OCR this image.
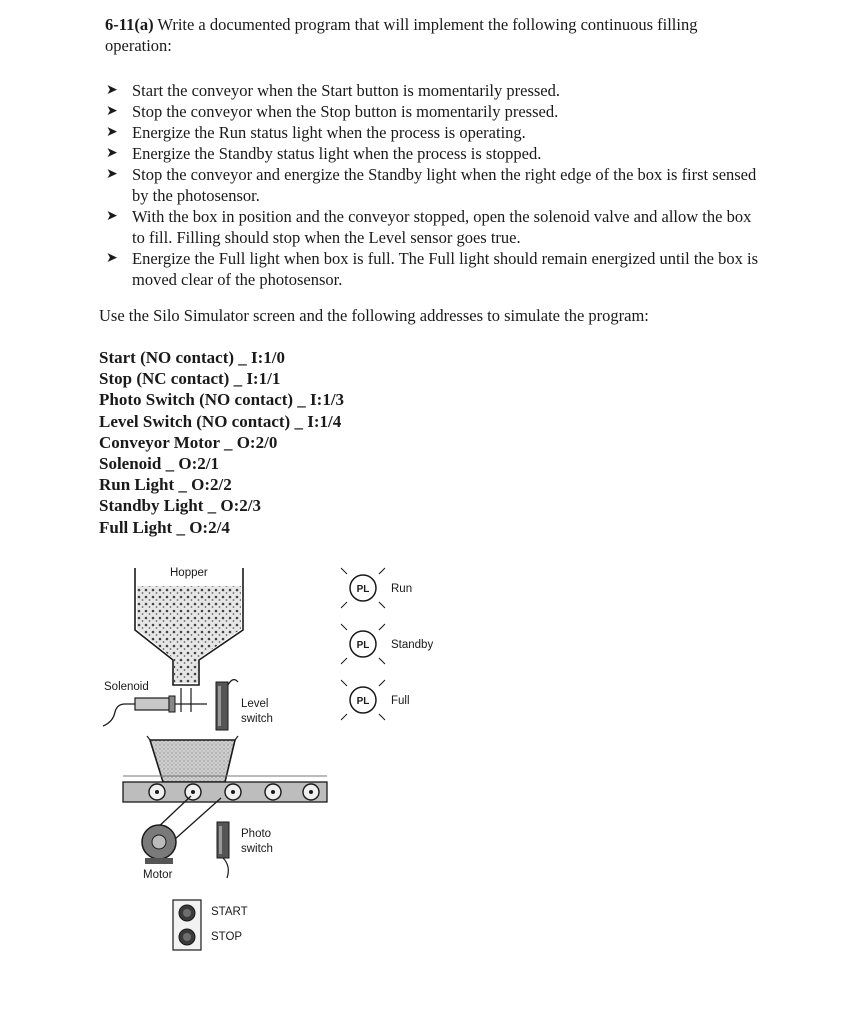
6-11(a) Write a documented program that will implement the following continuous filling operation:
➤ Start the conveyor when the Start button is momentarily pressed.
➤ Stop the conveyor when the Stop button is momentarily pressed.
➤ Energize the Run status light when the process is operating.
➤ Energize the Standby status light when the process is stopped.
➤ Stop the conveyor and energize the Standby light when the right edge of the box is first sensed by the photosensor.
➤ With the box in position and the conveyor stopped, open the solenoid valve and allow the box to fill. Filling should stop when the Level sensor goes true.
➤ Energize the Full light when box is full. The Full light should remain energized until the box is moved clear of the photosensor.
Use the Silo Simulator screen and the following addresses to simulate the program:
Start (NO contact) _ I:1/0
Stop (NC contact) _ I:1/1
Photo Switch (NO contact) _ I:1/3
Level Switch (NO contact) _ I:1/4
Conveyor Motor _ O:2/0
Solenoid _ O:2/1
Run Light _ O:2/2
Standby Light _ O:2/3
Full Light _ O:2/4
Hopper
Solenoid
Level
switch
Motor
Photo
switch
START
STOP
PL Run
PL Standby
PL Full
